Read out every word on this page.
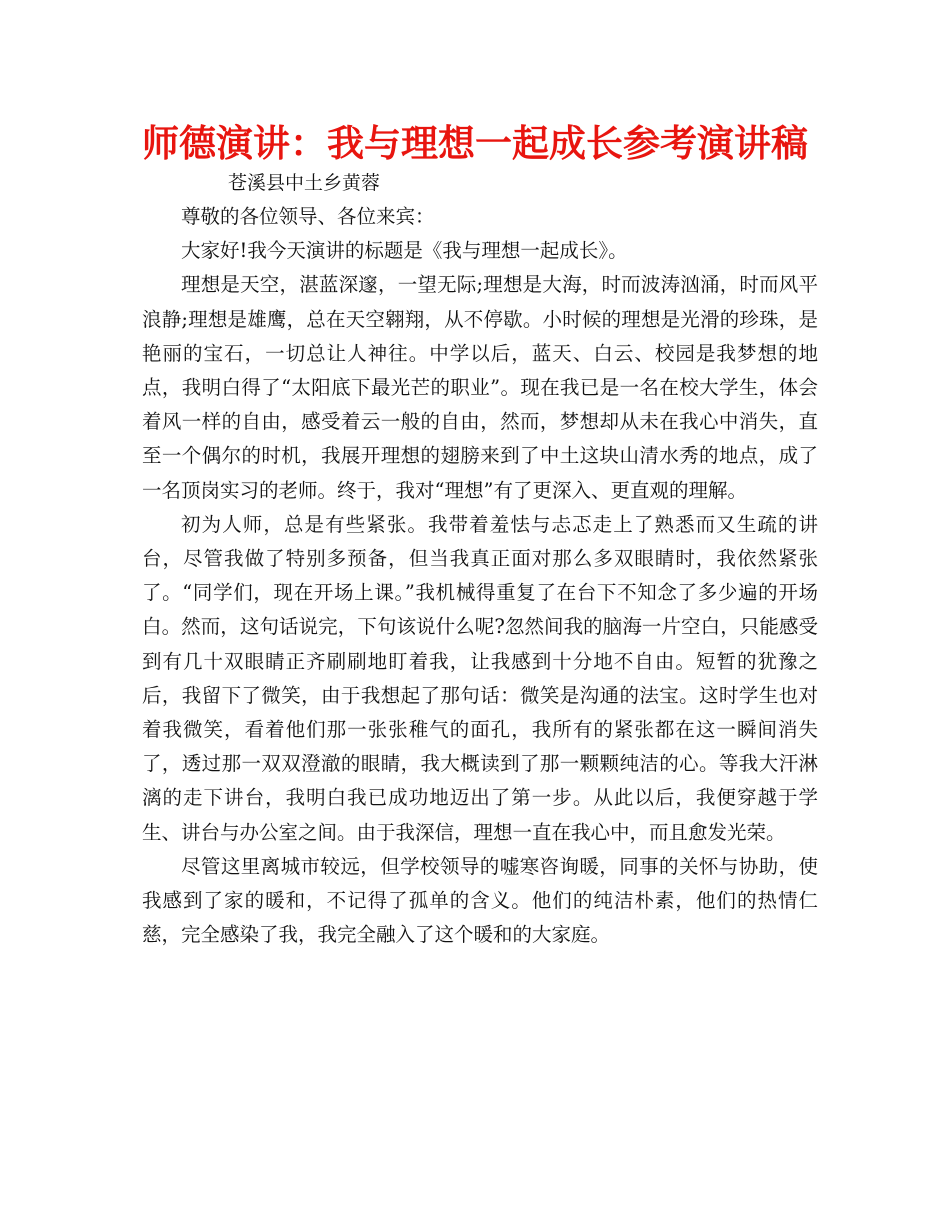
师德演讲：我与理想一起成长参考演讲稿
苍溪县中土乡黄蓉

尊敬的各位领导、各位来宾：

大家好!我今天演讲的标题是《我与理想一起成长》。

理想是天空，湛蓝深邃，一望无际;理想是大海，时而波涛汹涌，时而风平浪静;理想是雄鹰，总在天空翱翔，从不停歇。小时候的理想是光滑的珍珠，是艳丽的宝石，一切总让人神往。中学以后，蓝天、白云、校园是我梦想的地点，我明白得了“太阳底下最光芒的职业”。现在我已是一名在校大学生，体会着风一样的自由，感受着云一般的自由，然而，梦想却从未在我心中消失，直至一个偶尔的时机，我展开理想的翅膀来到了中土这块山清水秀的地点，成了一名顶岗实习的老师。终于，我对“理想”有了更深入、更直观的理解。

初为人师，总是有些紧张。我带着羞怯与忐忑走上了熟悉而又生疏的讲台，尽管我做了特别多预备，但当我真正面对那么多双眼睛时，我依然紧张了。“同学们，现在开场上课。”我机械得重复了在台下不知念了多少遍的开场白。然而，这句话说完，下句该说什么呢?忽然间我的脑海一片空白，只能感受到有几十双眼睛正齐刷刷地盯着我，让我感到十分地不自由。短暂的犹豫之后，我留下了微笑，由于我想起了那句话：微笑是沟通的法宝。这时学生也对着我微笑，看着他们那一张张稚气的面孔，我所有的紧张都在这一瞬间消失了，透过那一双双澄澈的眼睛，我大概读到了那一颗颗纯洁的心。等我大汗淋漓的走下讲台，我明白我已成功地迈出了第一步。从此以后，我便穿越于学生、讲台与办公室之间。由于我深信，理想一直在我心中，而且愈发光荣。

尽管这里离城市较远，但学校领导的嘘寒咨询暖，同事的关怀与协助，使我感到了家的暖和，不记得了孤单的含义。他们的纯洁朴素，他们的热情仁慈，完全感染了我，我完全融入了这个暖和的大家庭。
